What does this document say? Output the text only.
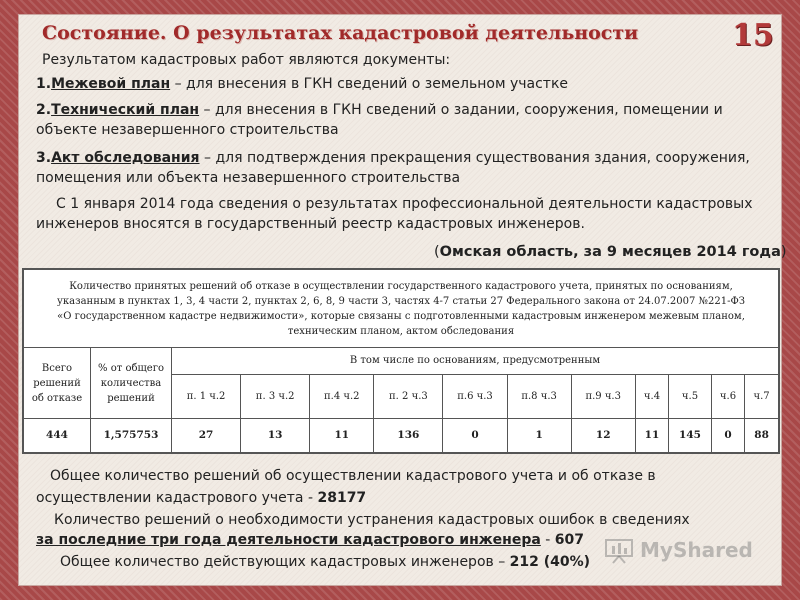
Состояние. О результатах кадастровой деятельности	15
Результатом кадастровых работ являются документы:
1.Межевой план – для внесения в ГКН сведений о земельном участке
2.Технический план – для внесения в ГКН сведений о задании, сооружения, помещении и
объекте незавершенного строительства
3.Акт обследования – для подтверждения прекращения существования здания, сооружения,
помещения или объекта незавершенного строительства
С 1 января 2014 года сведения о результатах профессиональной деятельности кадастровых
инженеров вносятся в государственный реестр кадастровых инженеров.
(Омская область, за 9 месяцев 2014 года)
Количество принятых решений об отказе в осуществлении государственного кадастрового учета, принятых по основаниям,
указанным в пунктах 1, 3, 4 части 2, пунктах 2, 6, 8, 9 части 3, частях 4-7 статьи 27 Федерального закона от 24.07.2007 №221-ФЗ
«О государственном кадастре недвижимости», которые связаны с подготовленными кадастровым инженером межевым планом,
техническим планом, актом обследования												

Всего решений об отказе	% от общего количества решений	В том числе по основаниям, предусмотренным										
		п. 1 ч.2	п. 3 ч.2	п.4 ч.2	п. 2 ч.3	п.6 ч.3	п.8 ч.3	п.9 ч.3	ч.4	ч.5	ч.6	ч.7
444	1,575753	27	13	11	136	0	1	12	11	145	0	88
Общее количество решений об осуществлении кадастрового учета и об отказе в
осуществлении кадастрового учета - 28177
Количество решений о необходимости устранения кадастровых ошибок в сведениях
за последние три года деятельности кадастрового инженера - 607
Общее количество действующих кадастровых инженеров – 212 (40%) MyShared
